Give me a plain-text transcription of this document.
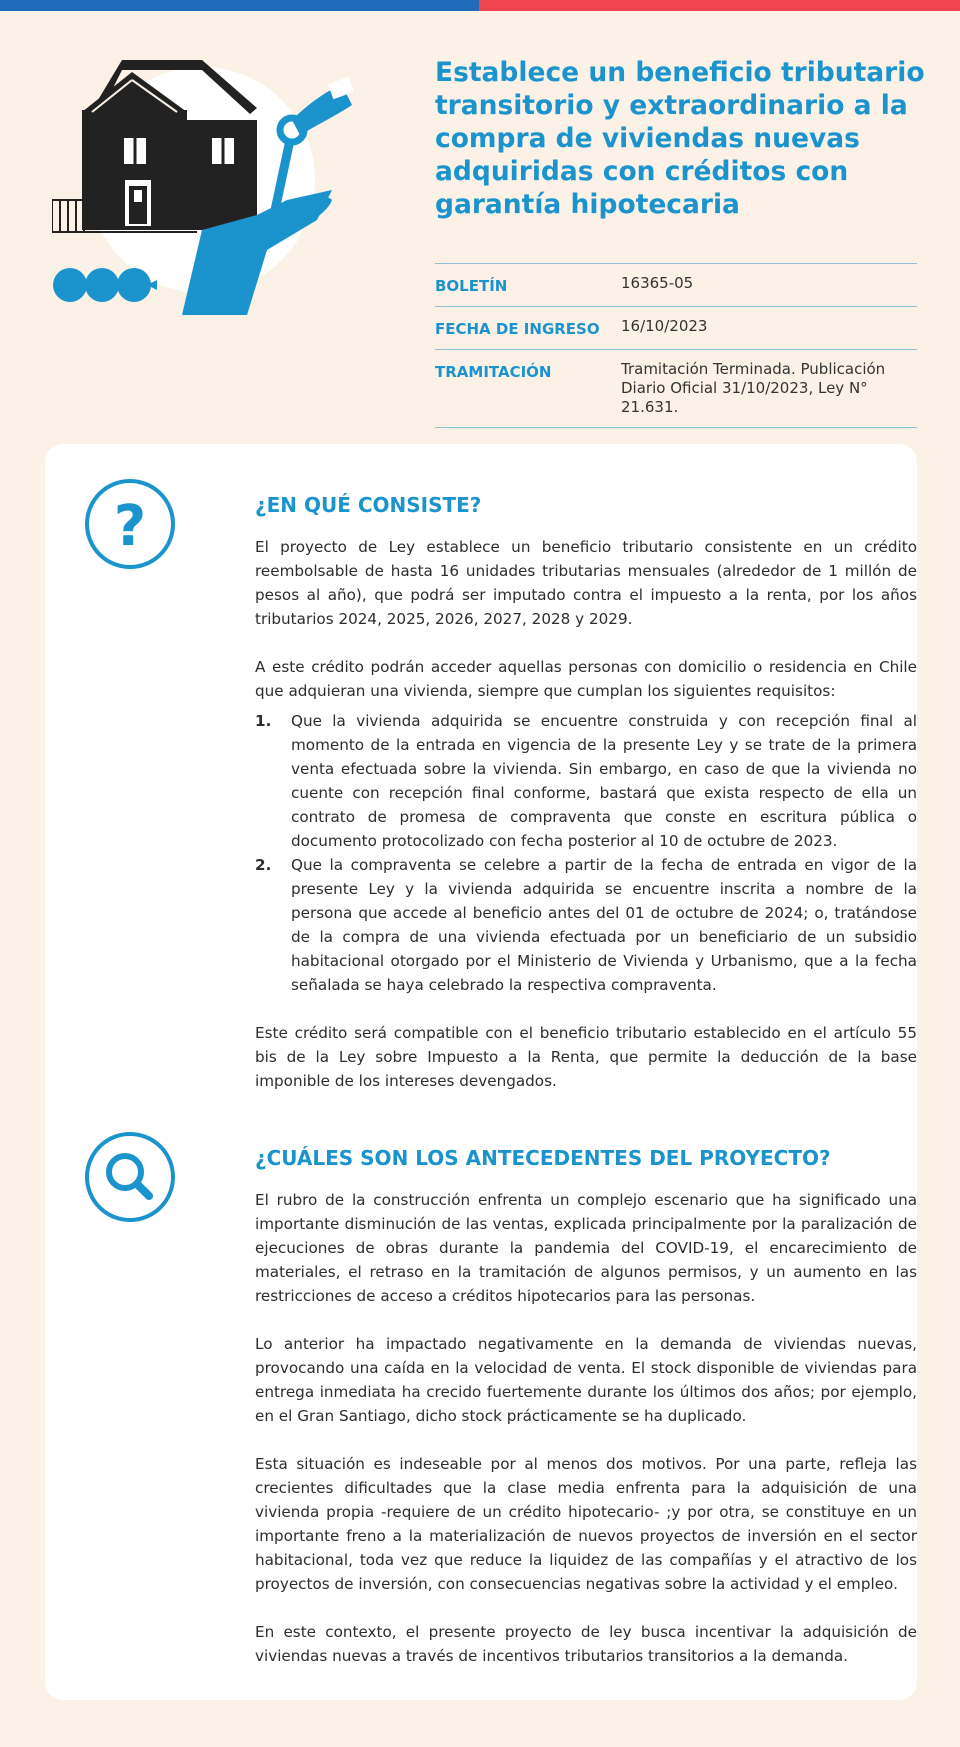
Establece un beneficio tributario transitorio y extraordinario a la compra de viviendas nuevas adquiridas con créditos con garantía hipotecaria
BOLETÍN	16365-05
FECHA DE INGRESO	16/10/2023
TRAMITACIÓN	Tramitación Terminada. Publicación Diario Oficial 31/10/2023, Ley N° 21.631.
?	¿EN QUÉ CONSISTE?

El proyecto de Ley establece un beneficio tributario consistente en un crédito reembolsable de hasta 16 unidades tributarias mensuales (alrededor de 1 millón de pesos al año), que podrá ser imputado contra el impuesto a la renta, por los años tributarios 2024, 2025, 2026, 2027, 2028 y 2029.

A este crédito podrán acceder aquellas personas con domicilio o residencia en Chile que adquieran una vivienda, siempre que cumplan los siguientes requisitos:

1. Que la vivienda adquirida se encuentre construida y con recepción final al momento de la entrada en vigencia de la presente Ley y se trate de la primera venta efectuada sobre la vivienda. Sin embargo, en caso de que la vivienda no cuente con recepción final conforme, bastará que exista respecto de ella un contrato de promesa de compraventa que conste en escritura pública o documento protocolizado con fecha posterior al 10 de octubre de 2023.
2. Que la compraventa se celebre a partir de la fecha de entrada en vigor de la presente Ley y la vivienda adquirida se encuentre inscrita a nombre de la persona que accede al beneficio antes del 01 de octubre de 2024; o, tratándose de la compra de una vivienda efectuada por un beneficiario de un subsidio habitacional otorgado por el Ministerio de Vivienda y Urbanismo, que a la fecha señalada se haya celebrado la respectiva compraventa.

Este crédito será compatible con el beneficio tributario establecido en el artículo 55 bis de la Ley sobre Impuesto a la Renta, que permite la deducción de la base imponible de los intereses devengados.

¿CUÁLES SON LOS ANTECEDENTES DEL PROYECTO?

El rubro de la construcción enfrenta un complejo escenario que ha significado una importante disminución de las ventas, explicada principalmente por la paralización de ejecuciones de obras durante la pandemia del COVID-19, el encarecimiento de materiales, el retraso en la tramitación de algunos permisos, y un aumento en las restricciones de acceso a créditos hipotecarios para las personas.

Lo anterior ha impactado negativamente en la demanda de viviendas nuevas, provocando una caída en la velocidad de venta. El stock disponible de viviendas para entrega inmediata ha crecido fuertemente durante los últimos dos años; por ejemplo, en el Gran Santiago, dicho stock prácticamente se ha duplicado.

Esta situación es indeseable por al menos dos motivos. Por una parte, refleja las crecientes dificultades que la clase media enfrenta para la adquisición de una vivienda propia -requiere de un crédito hipotecario- ;y por otra, se constituye en un importante freno a la materialización de nuevos proyectos de inversión en el sector habitacional, toda vez que reduce la liquidez de las compañías y el atractivo de los proyectos de inversión, con consecuencias negativas sobre la actividad y el empleo.

En este contexto, el presente proyecto de ley busca incentivar la adquisición de viviendas nuevas a través de incentivos tributarios transitorios a la demanda.
